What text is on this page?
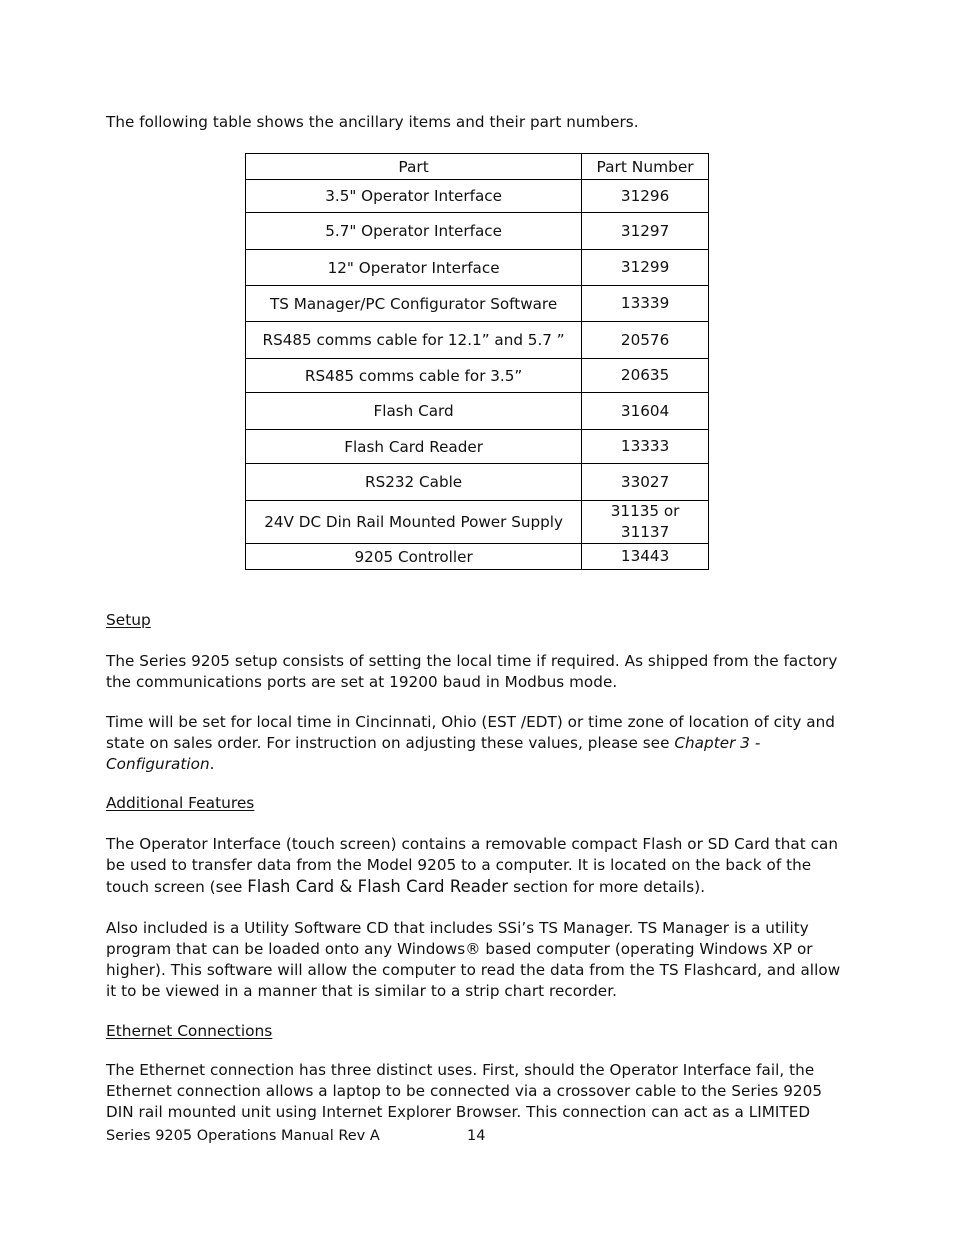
The following table shows the ancillary items and their part numbers.

Part	Part Number
3.5" Operator Interface	31296
5.7" Operator Interface	31297
12" Operator Interface	31299
TS Manager/PC Configurator Software	13339
RS485 comms cable for 12.1” and 5.7 ”	20576
RS485 comms cable for 3.5”	20635
Flash Card	31604
Flash Card Reader	13333
RS232 Cable	33027
24V DC Din Rail Mounted Power Supply	31135 or 31137
9205 Controller	13443

Setup

The Series 9205 setup consists of setting the local time if required. As shipped from the factory the communications ports are set at 19200 baud in Modbus mode.

Time will be set for local time in Cincinnati, Ohio (EST /EDT) or time zone of location of city and state on sales order. For instruction on adjusting these values, please see Chapter 3 - Configuration.

Additional Features

The Operator Interface (touch screen) contains a removable compact Flash or SD Card that can be used to transfer data from the Model 9205 to a computer. It is located on the back of the touch screen (see Flash Card & Flash Card Reader section for more details).

Also included is a Utility Software CD that includes SSi’s TS Manager. TS Manager is a utility program that can be loaded onto any Windows® based computer (operating Windows XP or higher). This software will allow the computer to read the data from the TS Flashcard, and allow it to be viewed in a manner that is similar to a strip chart recorder.

Ethernet Connections

The Ethernet connection has three distinct uses. First, should the Operator Interface fail, the Ethernet connection allows a laptop to be connected via a crossover cable to the Series 9205 DIN rail mounted unit using Internet Explorer Browser. This connection can act as a LIMITED

Series 9205 Operations Manual Rev A	14
